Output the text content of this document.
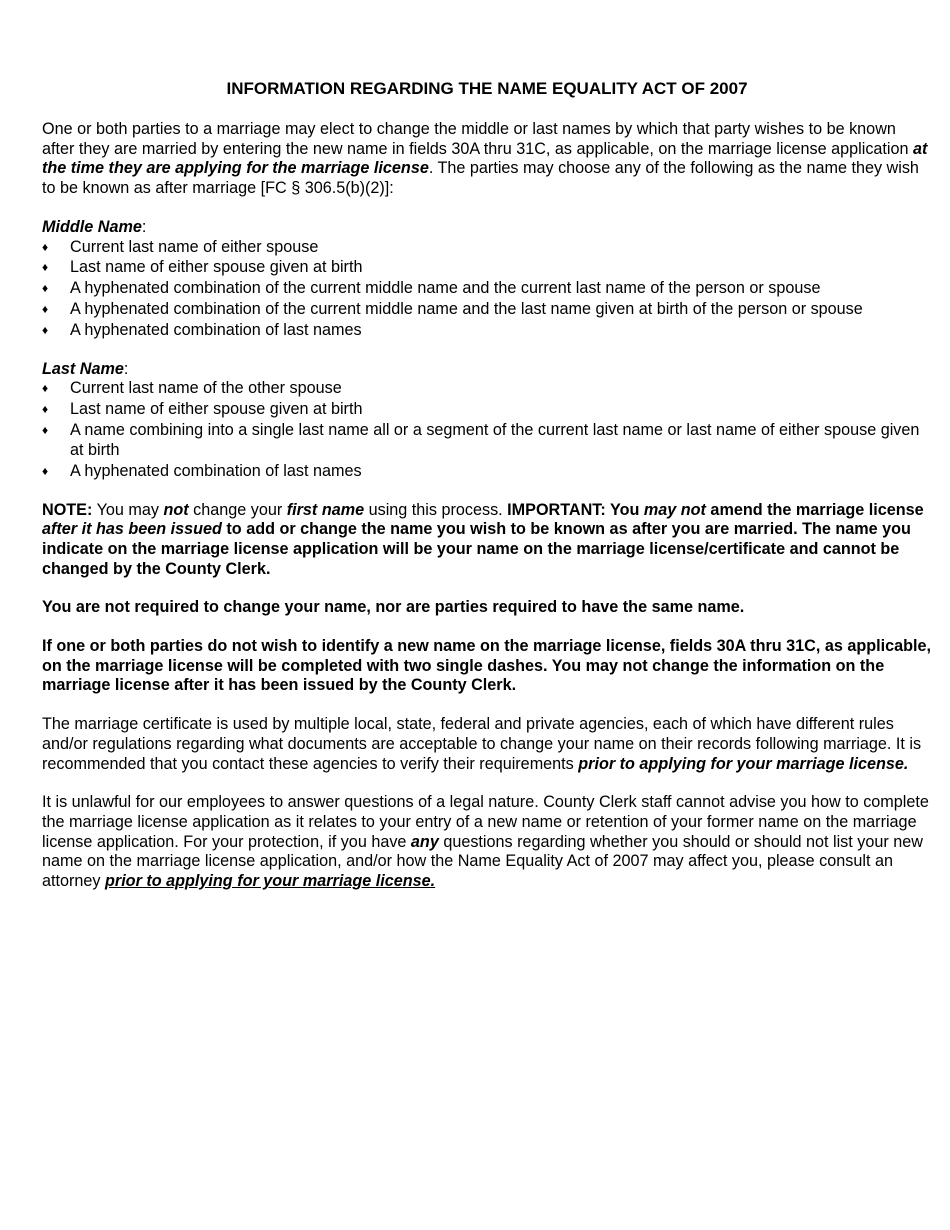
INFORMATION REGARDING THE NAME EQUALITY ACT OF 2007

One or both parties to a marriage may elect to change the middle or last names by which that party wishes to be known after they are married by entering the new name in fields 30A thru 31C, as applicable, on the marriage license application at the time they are applying for the marriage license. The parties may choose any of the following as the name they wish to be known as after marriage [FC § 306.5(b)(2)]:

Middle Name:
♦ Current last name of either spouse
♦ Last name of either spouse given at birth
♦ A hyphenated combination of the current middle name and the current last name of the person or spouse
♦ A hyphenated combination of the current middle name and the last name given at birth of the person or spouse
♦ A hyphenated combination of last names
Last Name:
♦ Current last name of the other spouse
♦ Last name of either spouse given at birth
♦ A name combining into a single last name all or a segment of the current last name or last name of either spouse given at birth
♦ A hyphenated combination of last names

NOTE: You may not change your first name using this process. IMPORTANT: You may not amend the marriage license after it has been issued to add or change the name you wish to be known as after you are married. The name you indicate on the marriage license application will be your name on the marriage license/certificate and cannot be changed by the County Clerk.

You are not required to change your name, nor are parties required to have the same name.

If one or both parties do not wish to identify a new name on the marriage license, fields 30A thru 31C, as applicable, on the marriage license will be completed with two single dashes. You may not change the information on the marriage license after it has been issued by the County Clerk.

The marriage certificate is used by multiple local, state, federal and private agencies, each of which have different rules and/or regulations regarding what documents are acceptable to change your name on their records following marriage. It is recommended that you contact these agencies to verify their requirements prior to applying for your marriage license.

It is unlawful for our employees to answer questions of a legal nature. County Clerk staff cannot advise you how to complete the marriage license application as it relates to your entry of a new name or retention of your former name on the marriage license application. For your protection, if you have any questions regarding whether you should or should not list your new name on the marriage license application, and/or how the Name Equality Act of 2007 may affect you, please consult an attorney prior to applying for your marriage license.
